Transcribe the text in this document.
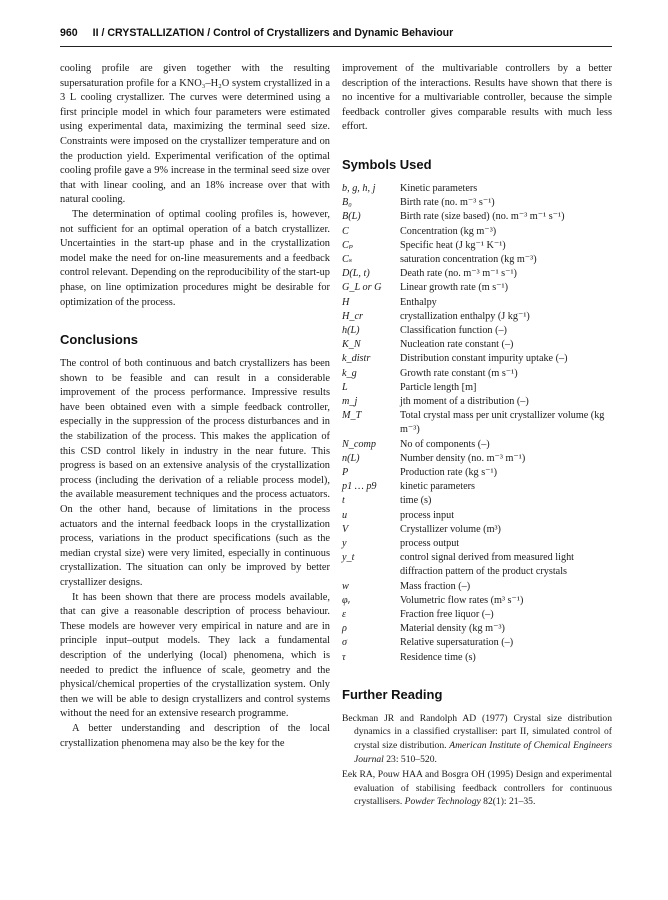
960 II / CRYSTALLIZATION / Control of Crystallizers and Dynamic Behaviour

cooling profile are given together with the resulting supersaturation profile for a KNO₃–H₂O system crystallized in a 3 L cooling crystallizer. The curves were determined using a first principle model in which four parameters were estimated using experimental data, maximizing the terminal seed size. Constraints were imposed on the crystallizer temperature and on the production yield. Experimental verification of the optimal cooling profile gave a 9% increase in the terminal seed size over that with linear cooling, and an 18% increase over that with natural cooling.

The determination of optimal cooling profiles is, however, not sufficient for an optimal operation of a batch crystallizer. Uncertainties in the start-up phase and in the crystallization model make the need for on-line measurements and a feedback control relevant. Depending on the reproducibility of the start-up phase, on line optimization procedures might be desirable for optimization of the process.

Conclusions

The control of both continuous and batch crystallizers has been shown to be feasible and can result in a considerable improvement of the process performance. Impressive results have been obtained even with a simple feedback controller, especially in the suppression of the process disturbances and in the stabilization of the process. This makes the application of this CSD control likely in industry in the near future. This progress is based on an extensive analysis of the crystallization process (including the derivation of a reliable process model), the available measurement techniques and the process actuators. On the other hand, because of limitations in the process actuators and the internal feedback loops in the crystallization process, variations in the product specifications (such as the median crystal size) were very limited, especially in continuous crystallization. The situation can only be improved by better crystallizer designs.

It has been shown that there are process models available, that can give a reasonable description of process behaviour. These models are however very empirical in nature and are in principle input–output models. They lack a fundamental description of the underlying (local) phenomena, which is needed to predict the influence of scale, geometry and the physical/chemical properties of the crystallization system. Only then we will be able to design crystallizers and control systems without the need for an extensive research programme.

A better understanding and description of the local crystallization phenomena may also be the key for the

improvement of the multivariable controllers by a better description of the interactions. Results have shown that there is no incentive for a multivariable controller, because the simple feedback controller gives comparable results with much less effort.

Symbols Used
b, g, h, j	Kinetic parameters
B₀	Birth rate (no. m⁻³ s⁻¹)
B(L)	Birth rate (size based) (no. m⁻³ m⁻¹ s⁻¹)
C	Concentration (kg m⁻³)
Cₚ	Specific heat (J kg⁻¹ K⁻¹)
Cₛ	saturation concentration (kg m⁻³)
D(L, t)	Death rate (no. m⁻³ m⁻¹ s⁻¹)
G_L or G	Linear growth rate (m s⁻¹)
H	Enthalpy
H_cr	crystallization enthalpy (J kg⁻¹)
h(L)	Classification function (–)
K_N	Nucleation rate constant (–)
k_distr	Distribution constant impurity uptake (–)
k_g	Growth rate constant (m s⁻¹)
L	Particle length [m]
m_j	jth moment of a distribution (–)
M_T	Total crystal mass per unit crystallizer volume (kg m⁻³)
N_comp	No of components (–)
n(L)	Number density (no. m⁻³ m⁻¹)
P	Production rate (kg s⁻¹)
p1 … p9	kinetic parameters
t	time (s)
u	process input
V	Crystallizer volume (m³)
y	process output
y_t	control signal derived from measured light diffraction pattern of the product crystals
w	Mass fraction (–)
φᵥ	Volumetric flow rates (m³ s⁻¹)
ε	Fraction free liquor (–)
ρ	Material density (kg m⁻³)
σ	Relative supersaturation (–)
τ	Residence time (s)
Further Reading

Beckman JR and Randolph AD (1977) Crystal size distribution dynamics in a classified crystalliser: part II, simulated control of crystal size distribution. American Institute of Chemical Engineers Journal 23: 510–520.

Eek RA, Pouw HAA and Bosgra OH (1995) Design and experimental evaluation of stabilising feedback controllers for continuous crystallisers. Powder Technology 82(1): 21–35.
